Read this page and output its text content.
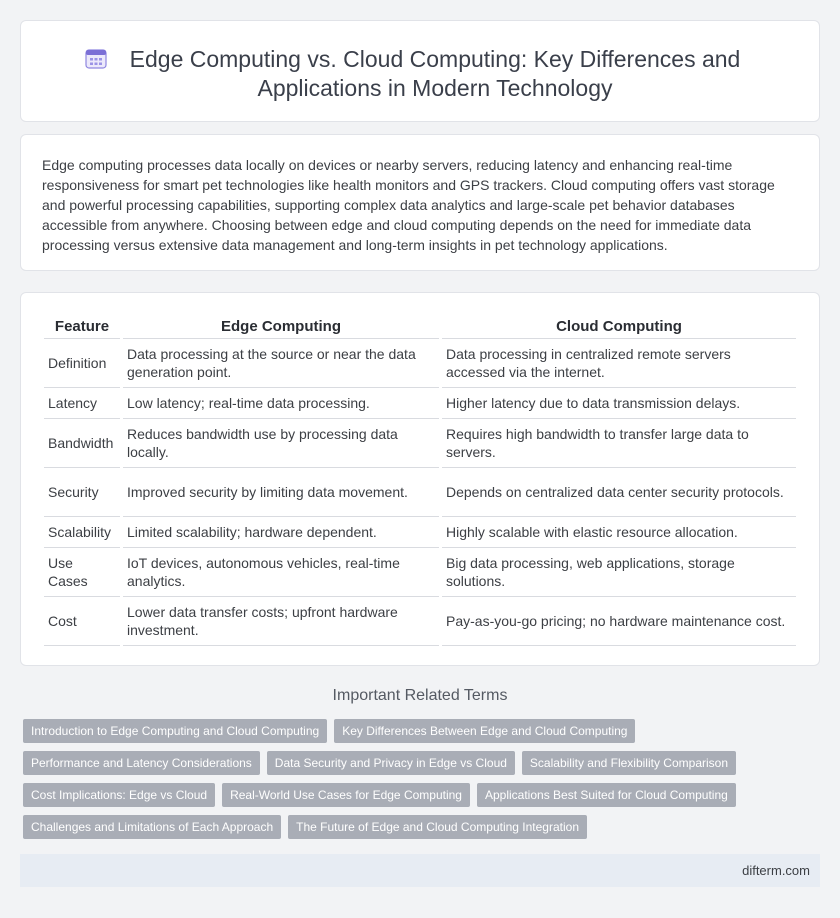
Edge Computing vs. Cloud Computing: Key Differences and Applications in Modern Technology

Edge computing processes data locally on devices or nearby servers, reducing latency and enhancing real-time responsiveness for smart pet technologies like health monitors and GPS trackers. Cloud computing offers vast storage and powerful processing capabilities, supporting complex data analytics and large-scale pet behavior databases accessible from anywhere. Choosing between edge and cloud computing depends on the need for immediate data processing versus extensive data management and long-term insights in pet technology applications.

Feature	Edge Computing	Cloud Computing
Definition	Data processing at the source or near the data generation point.	Data processing in centralized remote servers accessed via the internet.
Latency	Low latency; real-time data processing.	Higher latency due to data transmission delays.
Bandwidth	Reduces bandwidth use by processing data locally.	Requires high bandwidth to transfer large data to servers.
Security	Improved security by limiting data movement.	Depends on centralized data center security protocols.
Scalability	Limited scalability; hardware dependent.	Highly scalable with elastic resource allocation.
Use Cases	IoT devices, autonomous vehicles, real-time analytics.	Big data processing, web applications, storage solutions.
Cost	Lower data transfer costs; upfront hardware investment.	Pay-as-you-go pricing; no hardware maintenance cost.
Important Related Terms
Introduction to Edge Computing and Cloud Computing Key Differences Between Edge and Cloud Computing
Performance and Latency Considerations Data Security and Privacy in Edge vs Cloud Scalability and Flexibility Comparison
Cost Implications: Edge vs Cloud Real-World Use Cases for Edge Computing Applications Best Suited for Cloud Computing
Challenges and Limitations of Each Approach The Future of Edge and Cloud Computing Integration
difterm.com
